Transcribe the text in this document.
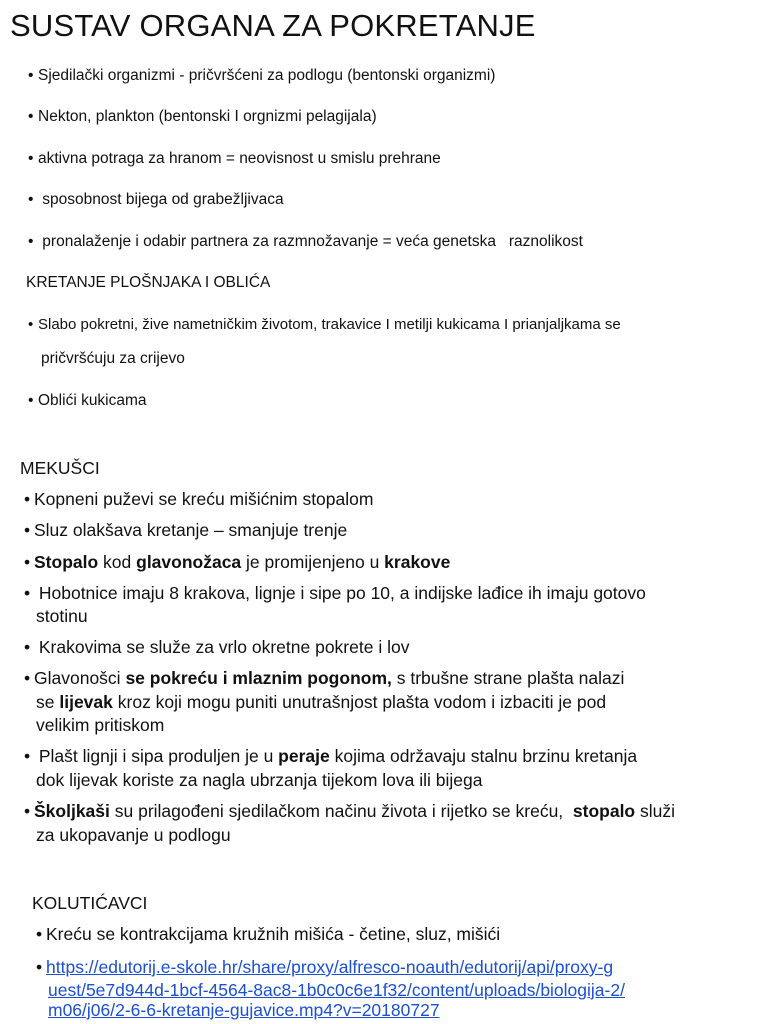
SUSTAV ORGANA ZA POKRETANJE
• Sjedilački organizmi - pričvršćeni za podlogu (bentonski organizmi)
• Nekton, plankton (bentonski I orgnizmi pelagijala)
• aktivna potraga za hranom = neovisnost u smislu prehrane
•  sposobnost bijega od grabežljivaca
•  pronalaženje i odabir partnera za razmnožavanje = veća genetska   raznolikost
KRETANJE PLOŠNJAKA I OBLIĆA
• Slabo pokretni, žive nametničkim životom, trakavice I metilji kukicama I prianjaljkama se
pričvršćuju za crijevo
• Oblići kukicama
MEKUŠCI
• Kopneni puževi se kreću mišićnim stopalom
• Sluz olakšava kretanje – smanjuje trenje
• Stopalo kod glavonožaca je promijenjeno u krakove
•  Hobotnice imaju 8 krakova, lignje i sipe po 10, a indijske lađice ih imaju gotovo
stotinu
•  Krakovima se služe za vrlo okretne pokrete i lov
• Glavonošci se pokreću i mlaznim pogonom, s trbušne strane plašta nalazi
se lijevak kroz koji mogu puniti unutrašnjost plašta vodom i izbaciti je pod
velikim pritiskom
•  Plašt lignji i sipa produljen je u peraje kojima održavaju stalnu brzinu kretanja
dok lijevak koriste za nagla ubrzanja tijekom lova ili bijega
• Školjkaši su prilagođeni sjedilačkom načinu života i rijetko se kreću,  stopalo služi
za ukopavanje u podlogu
KOLUTIĆAVCI
• Kreću se kontrakcijama kružnih mišića - četine, sluz, mišići
• https://edutorij.e-skole.hr/share/proxy/alfresco-noauth/edutorij/api/proxy-g
uest/5e7d944d-1bcf-4564-8ac8-1b0c0c6e1f32/content/uploads/biologija-2/
m06/j06/2-6-6-kretanje-gujavice.mp4?v=20180727
